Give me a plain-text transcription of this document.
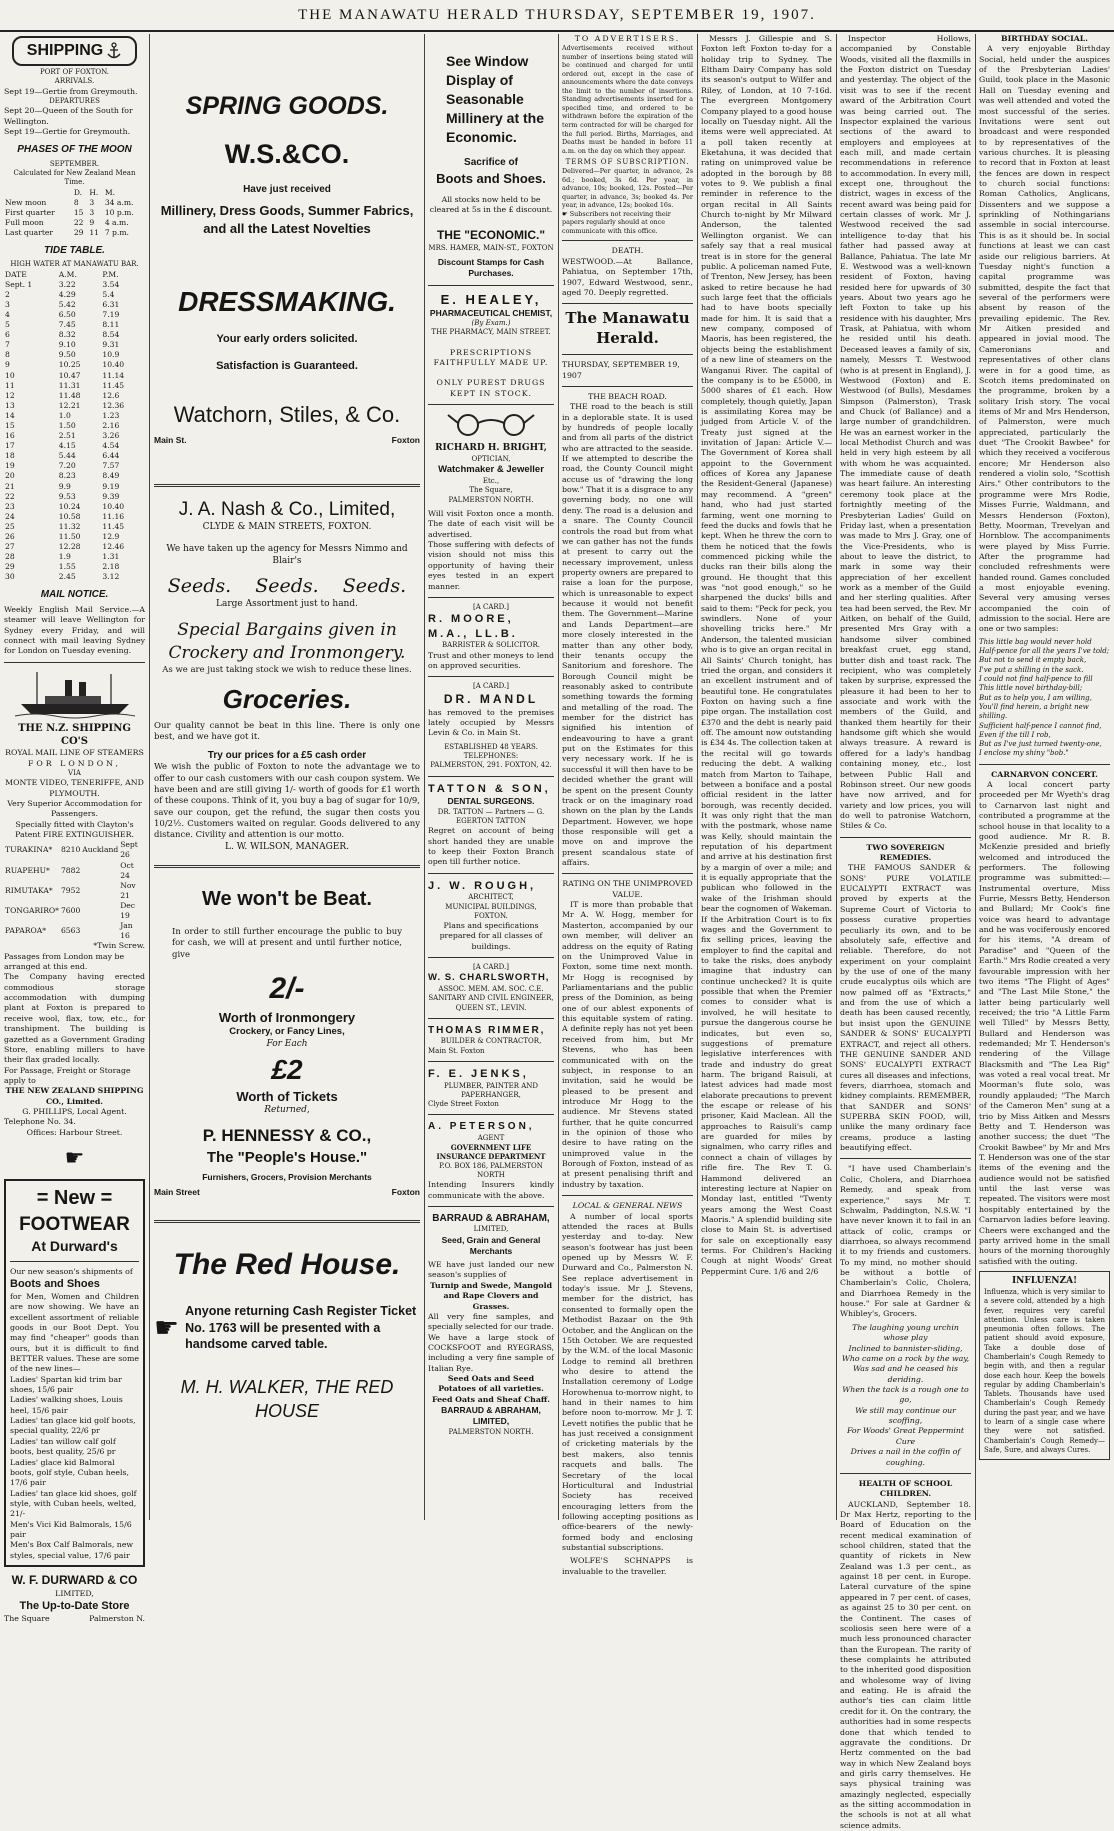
THE MANAWATU HERALD THURSDAY, SEPTEMBER 19, 1907.
SHIPPING
PORT OF FOXTON.
ARRIVALS.
Sept 19—Gertie from Greymouth.
DEPARTURES
Sept 20—Queen of the South for Wellington.
Sept 19—Gertie for Greymouth.
PHASES OF THE MOON
SEPTEMBER.
Calculated for New Zealand Mean Time.
	D.	H.	M.
New moon	8	3	34 a.m.
First quarter	15	3	10 p.m.
Full moon	22	9	4 a.m.
Last quarter	29	11	7 p.m.
TIDE TABLE.
HIGH WATER AT MANAWATU BAR.
DATE	A.M.	P.M.
Sept. 1	3.22	3.54
2	4.29	5.4
3	5.42	6.31
4	6.50	7.19
5	7.45	8.11
6	8.32	8.54
7	9.10	9.31
8	9.50	10.9
9	10.25	10.40
10	10.47	11.14
11	11.31	11.45
12	11.48	12.6
13	12.21	12.36
14	1.0	1.23
15	1.50	2.16
16	2.51	3.26
17	4.15	4.54
18	5.44	6.44
19	7.20	7.57
20	8.23	8.49
21	9.9	9.19
22	9.53	9.39
23	10.24	10.40
24	10.58	11.16
25	11.32	11.45
26	11.50	12.9
27	12.28	12.46
28	1.9	1.31
29	1.55	2.18
30	2.45	3.12
MAIL NOTICE.
Weekly English Mail Service.—A steamer will leave Wellington for Sydney every Friday, and will connect with mail leaving Sydney for London on Tuesday evening.
THE N.Z. SHIPPING CO'S
ROYAL MAIL LINE OF STEAMERS
FOR LONDON,
VIA
MONTE VIDEO, TENERIFFE, AND PLYMOUTH.
Very Superior Accommodation for Passengers.
Specially fitted with Clayton's Patent FIRE EXTINGUISHER.
TURAKINA*	8210	Auckland	Sept 26
RUAPEHU*	7882		Oct 24
RIMUTAKA*	7952		Nov 21
TONGARIRO*	7600		Dec 19
PAPAROA*	6563		Jan 16
*Twin Screw.
Passages from London may be arranged at this end.
The Company having erected commodious storage accommodation with dumping plant at Foxton is prepared to receive wool, flax, tow, etc., for transhipment. The building is gazetted as a Government Grading Store, enabling millers to have their flax graded locally.
For Passage, Freight or Storage apply to
THE NEW ZEALAND SHIPPING CO., Limited.
G. PHILLIPS, Local Agent.
Telephone No. 34.
Offices: Harbour Street.
☛
= New =
FOOTWEAR
At Durward's
Our new season's shipments of
Boots and Shoes
for Men, Women and Children are now showing. We have an excellent assortment of reliable goods in our Boot Dept. You may find "cheaper" goods than ours, but it is difficult to find BETTER values. These are some of the new lines—
Ladies' Spartan kid trim bar shoes, 15/6 pair
Ladies' walking shoes, Louis heel, 15/6 pair
Ladies' tan glace kid golf boots, special quality, 22/6 pr
Ladies' tan willow calf golf boots, best quality, 25/6 pr
Ladies' glace kid Balmoral boots, golf style, Cuban heels, 17/6 pair
Ladies' tan glace kid shoes, golf style, with Cuban heels, welted, 21/-
Men's Vici Kid Balmorals, 15/6 pair
Men's Box Calf Balmorals, new styles, special value, 17/6 pair
W. F. DURWARD & CO
LIMITED,
The Up-to-Date Store
The Square	Palmerston N.
SPRING GOODS.
W.S.&CO.
Have just received
Millinery, Dress Goods, Summer Fabrics, and all the Latest Novelties
DRESSMAKING.
Your early orders solicited.
Satisfaction is Guaranteed.
Watchorn, Stiles, & Co.
Main St.	Foxton
J. A. Nash & Co., Limited,
CLYDE & MAIN STREETS, FOXTON.
We have taken up the agency for Messrs Nimmo and Blair's
Seeds. Seeds. Seeds.
Large Assortment just to hand.
Special Bargains given in Crockery and Ironmongery.
As we are just taking stock we wish to reduce these lines.
Groceries.
Our quality cannot be beat in this line. There is only one best, and we have got it.
Try our prices for a £5 cash order
We wish the public of Foxton to note the advantage we to offer to our cash customers with our cash coupon system. We have been and are still giving 1/- worth of goods for £1 worth of these coupons. Think of it, you buy a bag of sugar for 10/9, save our coupon, get the refund, the sugar then costs you 10/2½. Customers waited on regular. Goods delivered to any distance. Civility and attention is our motto.
L. W. WILSON, MANAGER.
We won't be Beat.
In order to still further encourage the public to buy for cash, we will at present and until further notice, give
2/-
Worth of Ironmongery
Crockery, or Fancy Lines,
For Each
£2
Worth of Tickets
Returned,
P. HENNESSY & CO.,
The "People's House."
Furnishers, Grocers, Provision Merchants
Main Street	Foxton
The Red House.
☛ Anyone returning Cash Register Ticket No. 1763 will be presented with a handsome carved table.
M. H. WALKER, THE RED HOUSE
See Window Display of Seasonable Millinery at the Economic.
Sacrifice of
Boots and Shoes.
All stocks now held to be cleared at 5s in the £ discount.
THE "ECONOMIC."
MRS. HAMER, MAIN-ST., FOXTON
Discount Stamps for Cash Purchases.
E. HEALEY,
PHARMACEUTICAL CHEMIST,
(By Exam.)
THE PHARMACY, MAIN STREET.
PRESCRIPTIONS FAITHFULLY MADE UP.
ONLY PUREST DRUGS KEPT IN STOCK.
RICHARD H. BRIGHT,
OPTICIAN,
Watchmaker & Jeweller
Etc.,
The Square,
PALMERSTON NORTH.
Will visit Foxton once a month. The date of each visit will be advertised.
Those suffering with defects of vision should not miss this opportunity of having their eyes tested in an expert manner.
[A CARD.]
R. MOORE, M.A., LL.B.
BARRISTER & SOLICITOR.
Trust and other moneys to lend on approved securities.
[A CARD.]
DR. MANDL
has removed to the premises lately occupied by Messrs Levin & Co. in Main St.
ESTABLISHED 48 YEARS.
TELEPHONES:
PALMERSTON, 291. FOXTON, 42.
TATTON & SON,
DENTAL SURGEONS.
DR. TATTON — Partners — G. EGERTON TATTON
Regret on account of being short handed they are unable to keep their Foxton Branch open till further notice.
J. W. ROUGH,
ARCHITECT,
MUNICIPAL BUILDINGS, FOXTON.
Plans and specifications prepared for all classes of buildings.
[A CARD.]
W. S. CHARLSWORTH,
ASSOC. MEM. AM. SOC. C.E.
SANITARY AND CIVIL ENGINEER,
QUEEN ST., LEVIN.
THOMAS RIMMER,
BUILDER & CONTRACTOR,
Main St. Foxton
F. E. JENKS,
PLUMBER, PAINTER AND PAPERHANGER,
Clyde Street Foxton
A. PETERSON,
AGENT
GOVERNMENT LIFE INSURANCE DEPARTMENT
P.O. BOX 186, PALMERSTON NORTH
Intending Insurers kindly communicate with the above.
BARRAUD & ABRAHAM,
LIMITED,
Seed, Grain and General Merchants
WE have just landed our new season's supplies of
Turnip and Swede, Mangold and Rape Clovers and Grasses.
All very fine samples, and specially selected for our trade.
We have a large stock of COCKSFOOT and RYEGRASS, including a very fine sample of Italian Rye.
Seed Oats and Seed Potatoes of all varieties.
Feed Oats and Sheaf Chaff.
BARRAUD & ABRAHAM, LIMITED,
PALMERSTON NORTH.
TO ADVERTISERS.
Advertisements received without number of insertions being stated will be continued and charged for until ordered out, except in the case of announcements where the date conveys the limit to the number of insertions. Standing advertisements inserted for a specified time, and ordered to be withdrawn before the expiration of the term contracted for will be charged for the full period. Births, Marriages, and Deaths must be handed in before 11 a.m. on the day on which they appear.
TERMS OF SUBSCRIPTION.
Delivered—Per quarter, in advance, 2s 6d.; booked, 3s 6d. Per year, in advance, 10s; booked, 12s. Posted—Per quarter, in advance, 3s; booked 4s. Per year, in advance, 12s; booked 16s.
☛ Subscribers not receiving their papers regularly should at once communicate with this office.
DEATH.
WESTWOOD.—At Ballance, Pahiatua, on September 17th, 1907, Edward Westwood, senr., aged 70. Deeply regretted.
The Manawatu Herald.
THURSDAY, SEPTEMBER 19, 1907
THE BEACH ROAD.

THE road to the beach is still in a deplorable state. It is used by hundreds of people locally and from all parts of the district who are attracted to the seaside. If we attempted to describe the road, the County Council might accuse us of "drawing the long bow." That it is a disgrace to any governing body, no one will deny. The road is a delusion and a snare. The County Council controls the road but from what we can gather has not the funds at present to carry out the necessary improvement, unless property owners are prepared to raise a loan for the purpose, which is unreasonable to expect because it would not benefit them. The Government—Marine and Lands Department—are more closely interested in the matter than any other body, their tenants occupy the Sanitorium and foreshore. The Borough Council might be reasonably asked to contribute something towards the forming and metalling of the road. The member for the district has signified his intention of endeavouring to have a grant put on the Estimates for this very necessary work. If he is successful it will then have to be decided whether the grant will be spent on the present County track or on the imaginary road shown on the plan by the Lands Department. However, we hope those responsible will get a move on and improve the present scandalous state of affairs.

RATING ON THE UNIMPROVED VALUE.

IT is more than probable that Mr A. W. Hogg, member for Masterton, accompanied by our own member, will deliver an address on the equity of Rating on the Unimproved Value in Foxton, some time next month. Mr Hogg is recognised by Parliamentarians and the public press of the Dominion, as being one of our ablest exponents of this equitable system of rating. A definite reply has not yet been received from him, but Mr Stevens, who has been communicated with on the subject, in response to an invitation, said he would be pleased to be present and introduce Mr Hogg to the audience. Mr Stevens stated further, that he quite concurred in the opinion of those who desire to have rating on the unimproved value in the Borough of Foxton, instead of as at present penalising thrift and industry by taxation.

LOCAL & GENERAL NEWS

A number of local sports attended the races at Bulls yesterday and to-day. New season's footwear has just been opened up by Messrs W. F. Durward and Co., Palmerston N. See replace advertisement in today's issue. Mr J. Stevens, member for the district, has consented to formally open the Methodist Bazaar on the 9th October, and the Anglican on the 15th October. We are requested by the W.M. of the local Masonic Lodge to remind all brethren who desire to attend the Installation ceremony of Lodge Horowhenua to-morrow night, to hand in their names to him before noon to-morrow. Mr J. T. Levett notifies the public that he has just received a consignment of cricketing materials by the best makers, also tennis racquets and balls. The Secretary of the local Horticultural and Industrial Society has received encouraging letters from the following accepting positions as office-bearers of the newly-formed body and enclosing substantial subscriptions.

WOLFE'S SCHNAPPS is invaluable to the traveller.

Messrs J. Gillespie and S. Foxton left Foxton to-day for a holiday trip to Sydney. The Eltham Dairy Company has sold its season's output to Wilfer and Riley, of London, at 10 7-16d. The evergreen Montgomery Company played to a good house locally on Tuesday night. All the items were well appreciated. At a poll taken recently at Eketahuna, it was decided that rating on unimproved value be adopted in the borough by 88 votes to 9. We publish a final reminder in reference to the organ recital in All Saints Church to-night by Mr Milward Anderson, the talented Wellington organist. We can safely say that a real musical treat is in store for the general public. A policeman named Fute, of Trenton, New Jersey, has been asked to retire because he had such large feet that the officials had to have boots specially made for him. It is said that a new company, composed of Maoris, has been registered, the objects being the establishment of a new line of steamers on the Wanganui River. The capital of the company is to be £5000, in 5000 shares of £1 each. How completely, though quietly, Japan is assimilating Korea may be judged from Article V. of the Treaty just signed at the invitation of Japan: Article V.—The Government of Korea shall appoint to the Government offices of Korea any Japanese the Resident-General (Japanese) may recommend. A "green" hand, who had just started farming, went one morning to feed the ducks and fowls that he kept. When he threw the corn to them he noticed that the fowls commenced picking while the ducks ran their bills along the ground. He thought that this was "not good enough," so he sharpened the ducks' bills and said to them: "Peck for peck, you swindlers. None of your shovelling tricks here." Mr Anderson, the talented musician who is to give an organ recital in All Saints' Church tonight, has tried the organ, and considers it an excellent instrument and of beautiful tone. He congratulates Foxton on having such a fine pipe organ. The installation cost £370 and the debt is nearly paid off. The amount now outstanding is £34 4s. The collection taken at the recital will go towards reducing the debt. A walking match from Marton to Taihape, between a boniface and a postal official resident in the latter borough, was recently decided. It was only right that the man with the postmark, whose name was Kelly, should maintain the reputation of his department and arrive at his destination first by a margin of over a mile; and it is equally appropriate that the publican who followed in the wake of the Irishman should bear the cognomen of Wakeman. If the Arbitration Court is to fix wages and the Government to fix selling prices, leaving the employer to find the capital and to take the risks, does anybody imagine that industry can continue unchecked? It is quite possible that when the Premier comes to consider what is involved, he will hesitate to pursue the dangerous course he indicates, but even so, suggestions of premature legislative interferences with trade and industry do great harm. The brigand Raisuli, at latest advices had made most elaborate precautions to prevent the escape or release of his prisoner, Kaid Maclean. All the approaches to Raisuli's camp are guarded for miles by signalmen, who carry rifles and connect a chain of villages by rifle fire. The Rev T. G. Hammond delivered an interesting lecture at Napier on Monday last, entitled "Twenty years among the West Coast Maoris." A splendid building site close to Main St. is advertised for sale on exceptionally easy terms. For Children's Hacking Cough at night Woods' Great Peppermint Cure. 1/6 and 2/6

Inspector Hollows, accompanied by Constable Woods, visited all the flaxmills in the Foxton district on Tuesday and yesterday. The object of the visit was to see if the recent award of the Arbitration Court was being carried out. The Inspector explained the various sections of the award to employers and employees at each mill, and made certain recommendations in reference to accommodation. In every mill, except one, throughout the district, wages in excess of the recent award was being paid for certain classes of work. Mr J. Westwood received the sad intelligence to-day that his father had passed away at Ballance, Pahiatua. The late Mr E. Westwood was a well-known resident of Foxton, having resided here for upwards of 30 years. About two years ago he left Foxton to take up his residence with his daughter, Mrs Trask, at Pahiatua, with whom he resided until his death. Deceased leaves a family of six, namely, Messrs T. Westwood (who is at present in England), J. Westwood (Foxton) and E. Westwood (of Bulls), Mesdames Simpson (Palmerston), Trask and Chuck (of Ballance) and a large number of grandchildren. He was an earnest worker in the local Methodist Church and was held in very high esteem by all with whom he was acquainted. The immediate cause of death was heart failure. An interesting ceremony took place at the fortnightly meeting of the Presbyterian Ladies' Guild on Friday last, when a presentation was made to Mrs J. Gray, one of the Vice-Presidents, who is about to leave the district, to mark in some way their appreciation of her excellent work as a member of the Guild and her sterling qualities. After tea had been served, the Rev. Mr Aitken, on behalf of the Guild, presented Mrs Gray with a handsome silver combined breakfast cruet, egg stand, butter dish and toast rack. The recipient, who was completely taken by surprise, expressed the pleasure it had been to her to associate and work with the members of the Guild, and thanked them heartily for their handsome gift which she would always treasure. A reward is offered for a lady's handbag containing money, etc., lost between Public Hall and Robinson street. Our new goods have now arrived, and for variety and low prices, you will do well to patronise Watchorn, Stiles & Co.

TWO SOVEREIGN REMEDIES.

THE FAMOUS SANDER & SONS' PURE VOLATILE EUCALYPTI EXTRACT was proved by experts at the Supreme Court of Victoria to possess curative properties peculiarly its own, and to be absolutely safe, effective and reliable. Therefore, do not experiment on your complaint by the use of one of the many crude eucalyptus oils which are now palmed off as "Extracts," and from the use of which a death has been caused recently, but insist upon the GENUINE SANDER & SONS' EUCALYPTI EXTRACT, and reject all others. THE GENUINE SANDER AND SONS' EUCALYPTI EXTRACT cures all diseases and infections, fevers, diarrhoea, stomach and kidney complaints. REMEMBER, that SANDER and SONS' SUPERBA SKIN FOOD, will, unlike the many ordinary face creams, produce a lasting beautifying effect.

"I have used Chamberlain's Colic, Cholera, and Diarrhoea Remedy, and speak from experience," says Mr T. Schwalm, Paddington, N.S.W. "I have never known it to fail in an attack of colic, cramps or diarrhoea, so always recommend it to my friends and customers. To my mind, no mother should be without a bottle of Chamberlain's Colic, Cholera, and Diarrhoea Remedy in the house." For sale at Gardner & Whibley's, Grocers.

The laughing young urchin whose play
Inclined to bannister-sliding,
Who came on a rock by the way,
Was sad and he ceased his deriding.
When the tack is a rough one to go,
We still may continue our scoffing,
For Woods' Great Peppermint Cure
Drives a nail in the coffin of coughing.
HEALTH OF SCHOOL CHILDREN.

AUCKLAND, September 18. Dr Max Hertz, reporting to the Board of Education on the recent medical examination of school children, stated that the quantity of rickets in New Zealand was 1.3 per cent., as against 18 per cent. in Europe. Lateral curvature of the spine appeared in 7 per cent. of cases, as against 25 to 30 per cent. on the Continent. The cases of scoliosis seen here were of a much less pronounced character than the European. The rarity of these complaints he attributed to the inherited good disposition and wholesome way of living and eating. He is afraid the author's ties can claim little credit for it. On the contrary, the authorities had in some respects done that which tended to aggravate the conditions. Dr Hertz commented on the bad way in which New Zealand boys and girls carry themselves. He says physical training was amazingly neglected, especially as the sitting accommodation in the schools is not at all what science admits.

BIRTHDAY SOCIAL.

A very enjoyable Birthday Social, held under the auspices of the Presbyterian Ladies' Guild, took place in the Masonic Hall on Tuesday evening and was well attended and voted the most successful of the series. Invitations were sent out broadcast and were responded to by representatives of the various churches. It is pleasing to record that in Foxton at least the fences are down in respect to church social functions: Roman Catholics, Anglicans, Dissenters and we suppose a sprinkling of Nothingarians assemble in social intercourse. This is as it should be. In social functions at least we can cast aside our religious barriers. At Tuesday night's function a capital programme was submitted, despite the fact that several of the performers were absent by reason of the prevailing epidemic. The Rev. Mr Aitken presided and appeared in jovial mood. The Cameronians and representatives of other clans were in for a good time, as Scotch items predominated on the programme, broken by a solitary Irish story. The vocal items of Mr and Mrs Henderson, of Palmerston, were much appreciated, particularly the duet "The Crookit Bawbee" for which they received a vociferous encore; Mr Henderson also rendered a violin solo, "Scottish Airs." Other contributors to the programme were Mrs Rodie, Misses Furrie, Waldmann, and Messrs Henderson (Foxton), Betty, Moorman, Trevelyan and Hornblow. The accompaniments were played by Miss Furrie. After the programme had concluded refreshments were handed round. Games concluded a most enjoyable evening. Several very amusing verses accompanied the coin of admission to the social. Here are one or two samples:

This little bag would never hold
Half-pence for all the years I've told;
But not to send it empty back,
I've put a shilling in the sack.
I could not find half-pence to fill
This little novel birthday-bill;
But as to help you, I am willing,
You'll find herein, a bright new shilling.
Sufficient half-pence I cannot find,
Even if the till I rob,
But as I've just turned twenty-one,
I enclose my shiny "bob."
CARNARVON CONCERT.

A local concert party proceeded per Mr Wyeth's drag to Carnarvon last night and contributed a programme at the school house in that locality to a good audience. Mr R. B. McKenzie presided and briefly welcomed and introduced the performers. The following programme was submitted:—Instrumental overture, Miss Furrie, Messrs Betty, Henderson and Bullard; Mr Cook's fine voice was heard to advantage and he was vociferously encored for his items, "A dream of Paradise" and "Queen of the Earth." Mrs Rodie created a very favourable impression with her two items "The Flight of Ages" and "The Last Mile Stone," the latter being particularly well received; the trio "A Little Farm well Tilled" by Messrs Betty, Bullard and Henderson was redemanded; Mr T. Henderson's rendering of the Village Blacksmith and "The Lea Rig" was voted a real vocal treat. Mr Moorman's flute solo, was roundly applauded; "The March of the Cameron Men" sung at a trio by Miss Aitken and Messrs Betty and T. Henderson was another success; the duet "The Crookit Bawbee" by Mr and Mrs T. Henderson was one of the star items of the evening and the audience would not be satisfied until the last verse was repeated. The visitors were most hospitably entertained by the Carnarvon ladies before leaving. Cheers were exchanged and the party arrived home in the small hours of the morning thoroughly satisfied with the outing.

INFLUENZA!
Influenza, which is very similar to a severe cold, attended by a high fever, requires very careful attention. Unless care is taken pneumonia often follows. The patient should avoid exposure, Take a double dose of Chamberlain's Cough Remedy to begin with, and then a regular dose each hour. Keep the bowels regular by adding Chamberlain's Tablets. Thousands have used Chamberlain's Cough Remedy during the past year, and we have to learn of a single case where they were not satisfied. Chamberlain's Cough Remedy—Safe, Sure, and always Cures.
